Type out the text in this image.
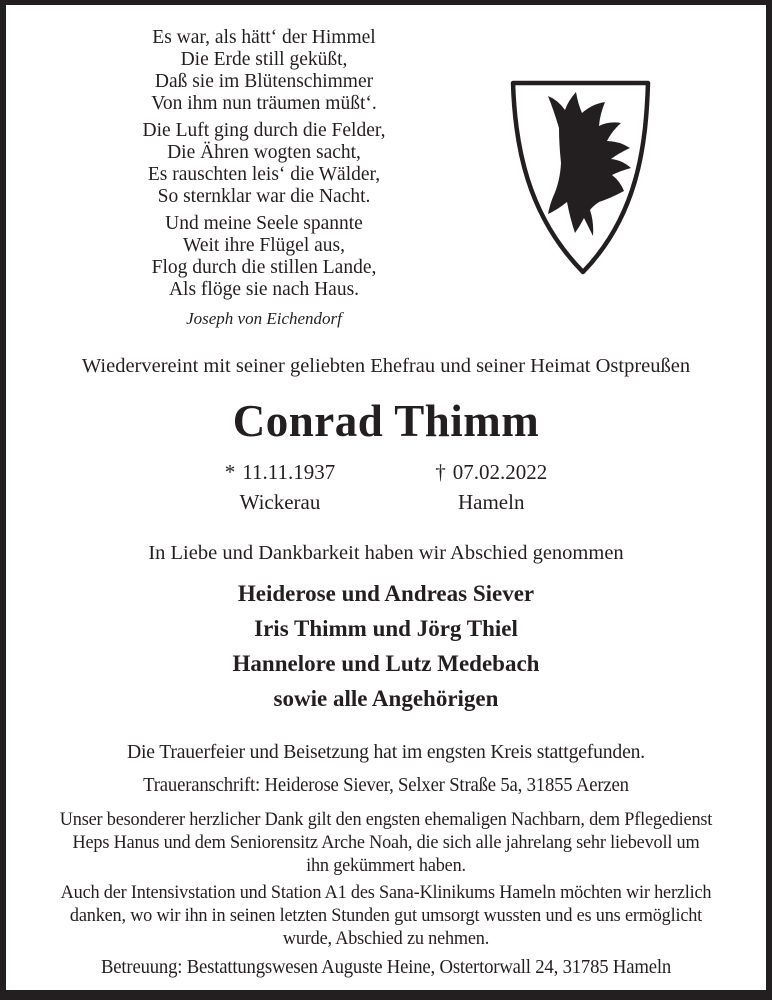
Es war, als hätt‘ der Himmel
Die Erde still geküßt,
Daß sie im Blütenschimmer
Von ihm nun träumen müßt‘.
Die Luft ging durch die Felder,
Die Ähren wogten sacht,
Es rauschten leis‘ die Wälder,
So sternklar war die Nacht.
Und meine Seele spannte
Weit ihre Flügel aus,
Flog durch die stillen Lande,
Als flöge sie nach Haus.
Joseph von Eichendorf
Wiedervereint mit seiner geliebten Ehefrau und seiner Heimat Ostpreußen
Conrad Thimm
* 11.11.1937
Wickerau
† 07.02.2022
Hameln
In Liebe und Dankbarkeit haben wir Abschied genommen
Heiderose und Andreas Siever
Iris Thimm und Jörg Thiel
Hannelore und Lutz Medebach
sowie alle Angehörigen
Die Trauerfeier und Beisetzung hat im engsten Kreis stattgefunden.
Traueranschrift: Heiderose Siever, Selxer Straße 5a, 31855 Aerzen
Unser besonderer herzlicher Dank gilt den engsten ehemaligen Nachbarn, dem Pflegedienst Heps Hanus und dem Seniorensitz Arche Noah, die sich alle jahrelang sehr liebevoll um ihn gekümmert haben.
Auch der Intensivstation und Station A1 des Sana-Klinikums Hameln möchten wir herzlich danken, wo wir ihn in seinen letzten Stunden gut umsorgt wussten und es uns ermöglicht wurde, Abschied zu nehmen.
Betreuung: Bestattungswesen Auguste Heine, Ostertorwall 24, 31785 Hameln
